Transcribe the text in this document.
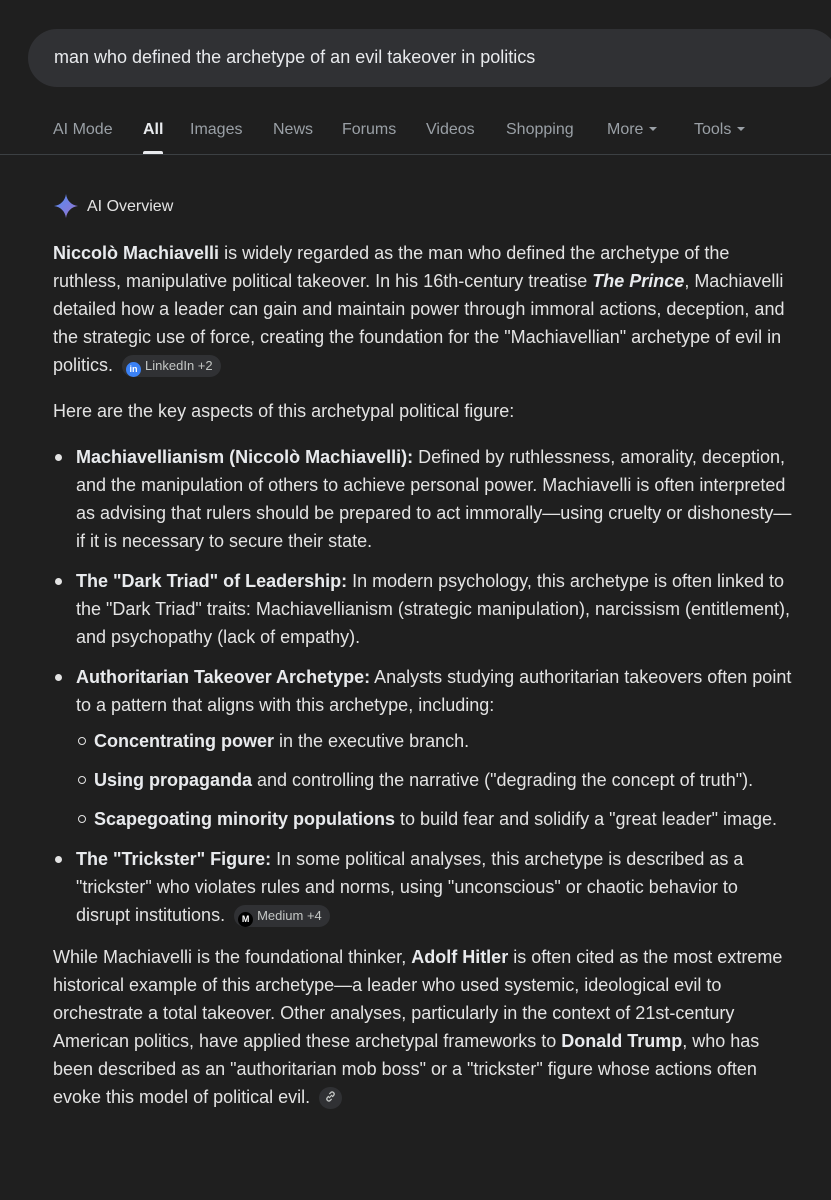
man who defined the archetype of an evil takeover in politics
AI Mode All Images News Forums Videos Shopping More	Tools
AI Overview

Niccolò Machiavelli is widely regarded as the man who defined the archetype of the ruthless, manipulative political takeover. In his 16th-century treatise The Prince, Machiavelli detailed how a leader can gain and maintain power through immoral actions, deception, and the strategic use of force, creating the foundation for the "Machiavellian" archetype of evil in politics. in LinkedIn +2

Here are the key aspects of this archetypal political figure:

Machiavellianism (Niccolò Machiavelli): Defined by ruthlessness, amorality, deception, and the manipulation of others to achieve personal power. Machiavelli is often interpreted as advising that rulers should be prepared to act immorally—using cruelty or dishonesty—if it is necessary to secure their state.
The "Dark Triad" of Leadership: In modern psychology, this archetype is often linked to the "Dark Triad" traits: Machiavellianism (strategic manipulation), narcissism (entitlement), and psychopathy (lack of empathy).
Authoritarian Takeover Archetype: Analysts studying authoritarian takeovers often point to a pattern that aligns with this archetype, including:
Concentrating power in the executive branch.
Using propaganda and controlling the narrative ("degrading the concept of truth").
Scapegoating minority populations to build fear and solidify a "great leader" image.
The "Trickster" Figure: In some political analyses, this archetype is described as a "trickster" who violates rules and norms, using "unconscious" or chaotic behavior to disrupt institutions. M Medium +4

While Machiavelli is the foundational thinker, Adolf Hitler is often cited as the most extreme historical example of this archetype—a leader who used systemic, ideological evil to orchestrate a total takeover. Other analyses, particularly in the context of 21st-century American politics, have applied these archetypal frameworks to Donald Trump, who has been described as an "authoritarian mob boss" or a "trickster" figure whose actions often evoke this model of political evil.
